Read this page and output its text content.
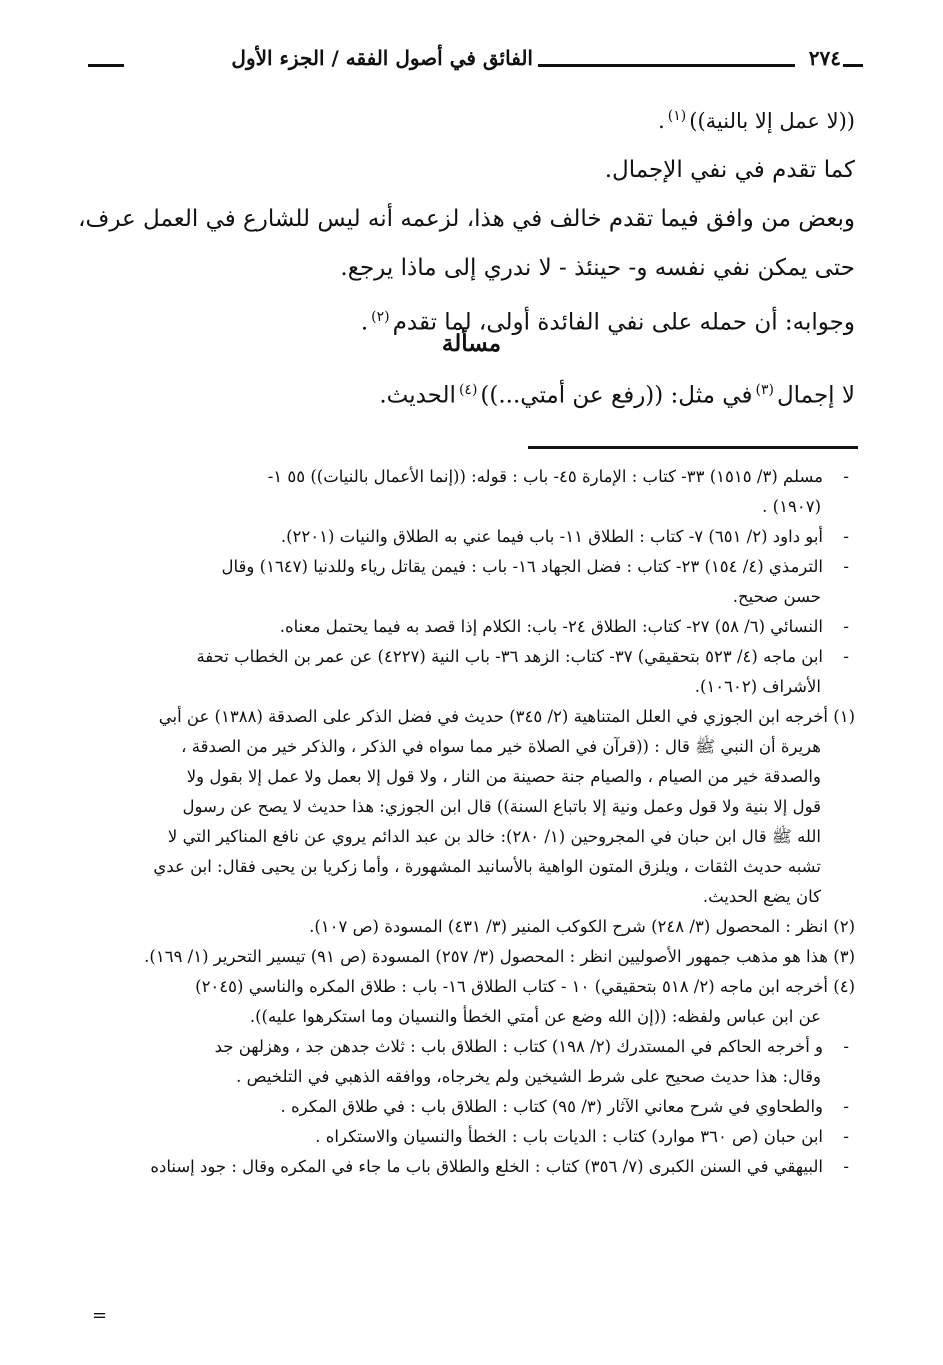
٢٧٤
الفائق في أصول الفقه / الجزء الأول
((لا عمل إلا بالنية))$^{(١)}$.
كما تقدم في نفي الإجمال.
وبعض من وافق فيما تقدم خالف في هذا، لزعمه أنه ليس للشارع في العمل عرف،
حتى يمكن نفي نفسه و- حينئذ - لا ندري إلى ماذا يرجع.
وجوابه: أن حمله على نفي الفائدة أولى، لما تقدم$^{(٢)}$.
مسألة
لا إجمال$^{(٣)}$في مثل: ((رفع عن أمتي...))$^{(٤)}$الحديث.
- مسلم (٣/ ١٥١٥) ٣٣- كتاب : الإمارة ٤٥- باب : قوله: ((إنما الأعمال بالنيات)) ٥٥ ١-
(١٩٠٧) .
- أبو داود (٢/ ٦٥١) ٧- كتاب : الطلاق ١١- باب فيما عني به الطلاق والنيات (٢٢٠١).
- الترمذي (٤/ ١٥٤) ٢٣- كتاب : فضل الجهاد ١٦- باب : فيمن يقاتل رياء وللدنيا (١٦٤٧) وقال
حسن صحيح.
- النسائي (٦/ ٥٨) ٢٧- كتاب: الطلاق ٢٤- باب: الكلام إذا قصد به فيما يحتمل معناه.
- ابن ماجه (٤/ ٥٢٣ بتحقيقي) ٣٧- كتاب: الزهد ٣٦- باب النية (٤٢٢٧) عن عمر بن الخطاب تحفة
الأشراف (١٠٦٠٢).
(١) أخرجه ابن الجوزي في العلل المتناهية (٢/ ٣٤٥) حديث في فضل الذكر على الصدقة (١٣٨٨) عن أبي
هريرة أن النبي ﷺ قال : ((قرآن في الصلاة خير مما سواه في الذكر ، والذكر خير من الصدقة ،
والصدقة خير من الصيام ، والصيام جنة حصينة من النار ، ولا قول إلا بعمل ولا عمل إلا بقول ولا
قول إلا بنية ولا قول وعمل ونية إلا باتباع السنة)) قال ابن الجوزي: هذا حديث لا يصح عن رسول
الله ﷺ قال ابن حبان في المجروحين (١/ ٢٨٠): خالد بن عبد الدائم يروي عن نافع المناكير التي لا
تشبه حديث الثقات ، ويلزق المتون الواهية بالأسانيد المشهورة ، وأما زكريا بن يحيى فقال: ابن عدي
كان يضع الحديث.
(٢) انظر : المحصول (٣/ ٢٤٨) شرح الكوكب المنير (٣/ ٤٣١) المسودة (ص ١٠٧).
(٣) هذا هو مذهب جمهور الأصوليين انظر : المحصول (٣/ ٢٥٧) المسودة (ص ٩١) تيسير التحرير (١/ ١٦٩).
(٤) أخرجه ابن ماجه (٢/ ٥١٨ بتحقيقي) ١٠ - كتاب الطلاق ١٦- باب : طلاق المكره والناسي (٢٠٤٥)
عن ابن عباس ولفظه: ((إن الله وضع عن أمتي الخطأ والنسيان وما استكرهوا عليه)).
- و أخرجه الحاكم في المستدرك (٢/ ١٩٨) كتاب : الطلاق باب : ثلاث جدهن جد ، وهزلهن جد
وقال: هذا حديث صحيح على شرط الشيخين ولم يخرجاه، ووافقه الذهبي في التلخيص .
- والطحاوي في شرح معاني الآثار (٣/ ٩٥) كتاب : الطلاق باب : في طلاق المكره .
- ابن حبان (ص ٣٦٠ موارد) كتاب : الديات باب : الخطأ والنسيان والاستكراه .
- البيهقي في السنن الكبرى (٧/ ٣٥٦) كتاب : الخلع والطلاق باب ما جاء في المكره وقال : جود إسناده
=
